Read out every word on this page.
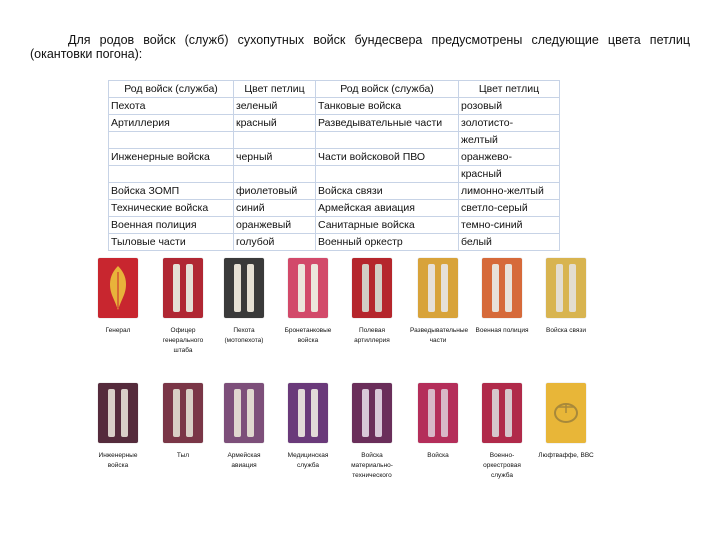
Для родов войск (служб) сухопутных войск бундесвера предусмотрены следующие цвета петлиц (окантовки погона):
Род войск (служба)	Цвет петлиц	Род войск (служба)	Цвет петлиц
Пехота	зеленый	Танковые войска	розовый
Артиллерия	красный	Разведывательные части	золотисто-
			желтый
Инженерные войска	черный	Части войсковой ПВО	оранжево-
			красный
Войска ЗОМП	фиолетовый	Войска связи	лимонно-желтый
Технические войска	синий	Армейская авиация	светло-серый
Военная полиция	оранжевый	Санитарные войска	темно-синий
Тыловые части	голубой	Военный оркестр	белый
Генерал	Офицер генерального штаба
Пехота (мотопехота)
Бронетанковые войска
Полевая артиллерия
Разведывательные части
Военная полиция	Войска связи
Инженерные войска
Тыл	Армейская авиация
Медицинская служба
Войска материально-технического
Войска	Военно-оркестровая служба
Люфтваффе, ВВС
